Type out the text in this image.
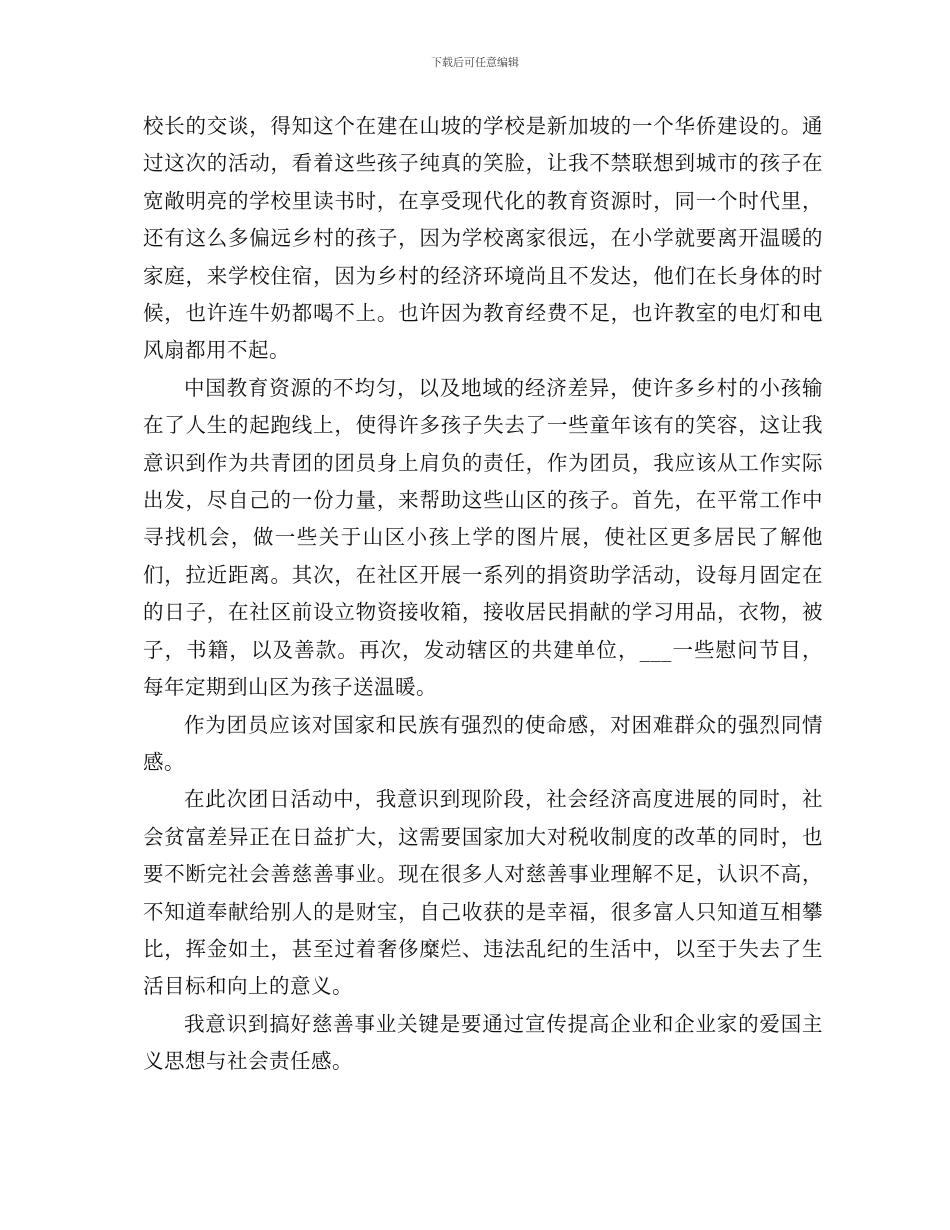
下载后可任意编辑

校长的交谈，得知这个在建在山坡的学校是新加坡的一个华侨建设的。通过这次的活动，看着这些孩子纯真的笑脸，让我不禁联想到城市的孩子在宽敞明亮的学校里读书时，在享受现代化的教育资源时，同一个时代里，还有这么多偏远乡村的孩子，因为学校离家很远，在小学就要离开温暖的家庭，来学校住宿，因为乡村的经济环境尚且不发达，他们在长身体的时候，也许连牛奶都喝不上。也许因为教育经费不足，也许教室的电灯和电风扇都用不起。

中国教育资源的不均匀，以及地域的经济差异，使许多乡村的小孩输在了人生的起跑线上，使得许多孩子失去了一些童年该有的笑容，这让我意识到作为共青团的团员身上肩负的责任，作为团员，我应该从工作实际出发，尽自己的一份力量，来帮助这些山区的孩子。首先，在平常工作中寻找机会，做一些关于山区小孩上学的图片展，使社区更多居民了解他们，拉近距离。其次，在社区开展一系列的捐资助学活动，设每月固定在的日子，在社区前设立物资接收箱，接收居民捐献的学习用品，衣物，被子，书籍，以及善款。再次，发动辖区的共建单位，___一些慰问节目，每年定期到山区为孩子送温暖。

作为团员应该对国家和民族有强烈的使命感，对困难群众的强烈同情感。

在此次团日活动中，我意识到现阶段，社会经济高度进展的同时，社会贫富差异正在日益扩大，这需要国家加大对税收制度的改革的同时，也要不断完社会善慈善事业。现在很多人对慈善事业理解不足，认识不高，不知道奉献给别人的是财宝，自己收获的是幸福，很多富人只知道互相攀比，挥金如土，甚至过着奢侈糜烂、违法乱纪的生活中，以至于失去了生活目标和向上的意义。

我意识到搞好慈善事业关键是要通过宣传提高企业和企业家的爱国主义思想与社会责任感。
